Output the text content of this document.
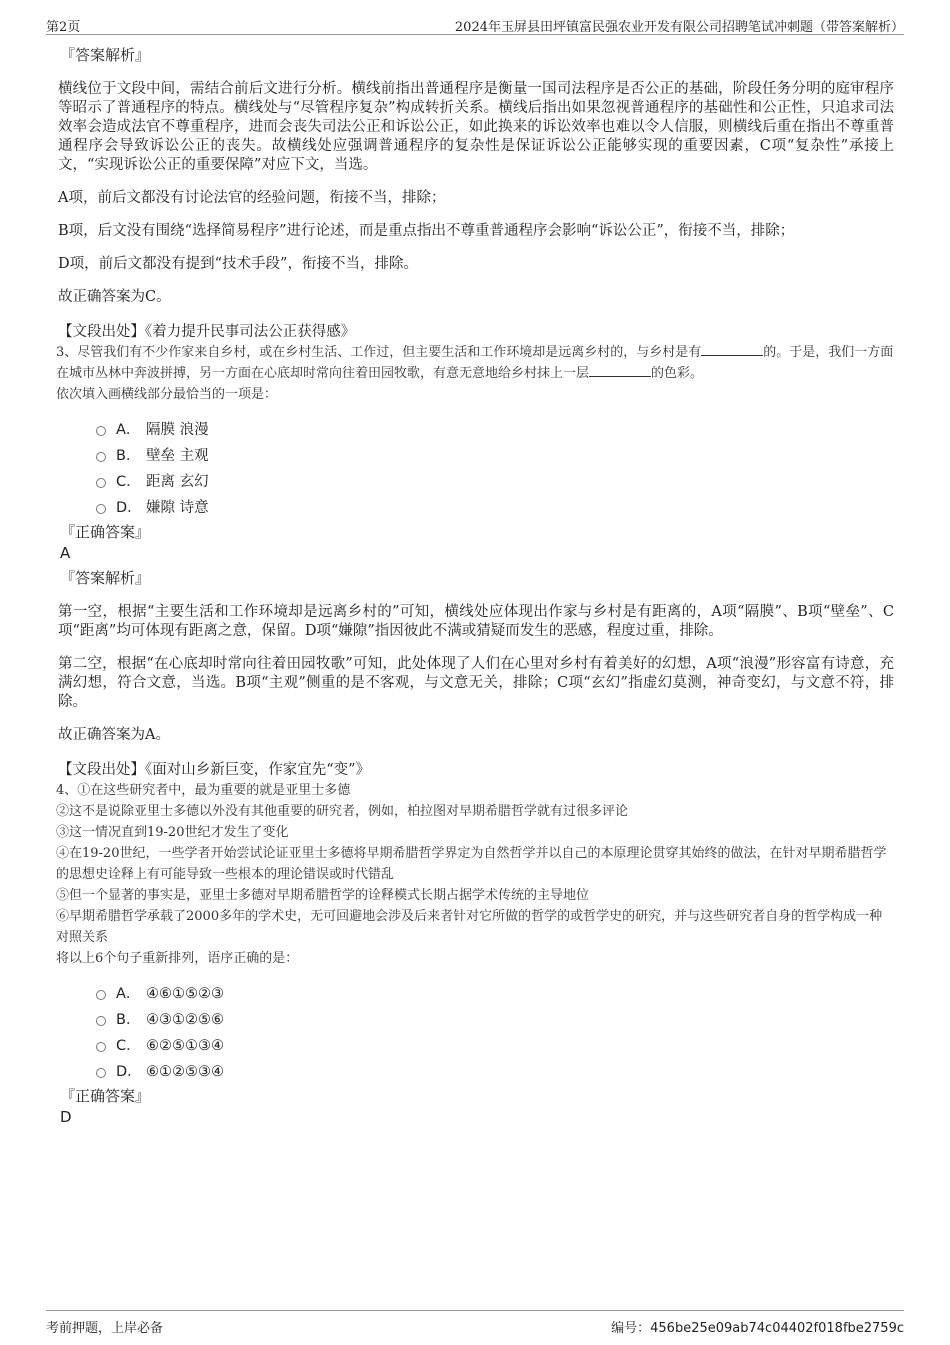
第2页	2024年玉屏县田坪镇富民强农业开发有限公司招聘笔试冲刺题（带答案解析）
『答案解析』

横线位于文段中间，需结合前后文进行分析。横线前指出普通程序是衡量一国司法程序是否公正的基础，阶段任务分明的庭审程序等昭示了普通程序的特点。横线处与“尽管程序复杂”构成转折关系。横线后指出如果忽视普通程序的基础性和公正性，只追求司法效率会造成法官不尊重程序，进而会丧失司法公正和诉讼公正，如此换来的诉讼效率也难以令人信服，则横线后重在指出不尊重普通程序会导致诉讼公正的丧失。故横线处应强调普通程序的复杂性是保证诉讼公正能够实现的重要因素，C项“复杂性”承接上文，“实现诉讼公正的重要保障”对应下文，当选。

A项，前后文都没有讨论法官的经验问题，衔接不当，排除；

B项，后文没有围绕“选择简易程序”进行论述，而是重点指出不尊重普通程序会影响“诉讼公正”，衔接不当，排除；

D项，前后文都没有提到“技术手段”，衔接不当，排除。

故正确答案为C。

【文段出处】《着力提升民事司法公正获得感》

3、尽管我们有不少作家来自乡村，或在乡村生活、工作过，但主要生活和工作环境却是远离乡村的，与乡村是有	的。于是，我们一方面在城市丛林中奔波拼搏，另一方面在心底却时常向往着田园牧歌，有意无意地给乡村抹上一层	的色彩。

依次填入画横线部分最恰当的一项是：

A． 隔膜 浪漫
B． 壁垒 主观
C． 距离 玄幻
D． 嫌隙 诗意
『正确答案』
A
『答案解析』

第一空，根据“主要生活和工作环境却是远离乡村的”可知，横线处应体现出作家与乡村是有距离的，A项“隔膜”、B项“壁垒”、C项“距离”均可体现有距离之意，保留。D项“嫌隙”指因彼此不满或猜疑而发生的恶感，程度过重，排除。

第二空，根据“在心底却时常向往着田园牧歌”可知，此处体现了人们在心里对乡村有着美好的幻想，A项“浪漫”形容富有诗意，充满幻想，符合文意，当选。B项“主观”侧重的是不客观，与文意无关，排除；C项“玄幻”指虚幻莫测，神奇变幻，与文意不符，排除。

故正确答案为A。

【文段出处】《面对山乡新巨变，作家宜先“变”》

4、①在这些研究者中，最为重要的就是亚里士多德

②这不是说除亚里士多德以外没有其他重要的研究者，例如，柏拉图对早期希腊哲学就有过很多评论

③这一情况直到19-20世纪才发生了变化

④在19-20世纪，一些学者开始尝试论证亚里士多德将早期希腊哲学界定为自然哲学并以自己的本原理论贯穿其始终的做法，在针对早期希腊哲学的思想史诠释上有可能导致一些根本的理论错误或时代错乱

⑤但一个显著的事实是，亚里士多德对早期希腊哲学的诠释模式长期占据学术传统的主导地位

⑥早期希腊哲学承载了2000多年的学术史，无可回避地会涉及后来者针对它所做的哲学的或哲学史的研究，并与这些研究者自身的哲学构成一种对照关系

将以上6个句子重新排列，语序正确的是：

A． ④⑥①⑤②③
B． ④③①②⑤⑥
C． ⑥②⑤①③④
D． ⑥①②⑤③④
『正确答案』
D
考前押题，上岸必备	编号：456be25e09ab74c04402f018fbe2759c
